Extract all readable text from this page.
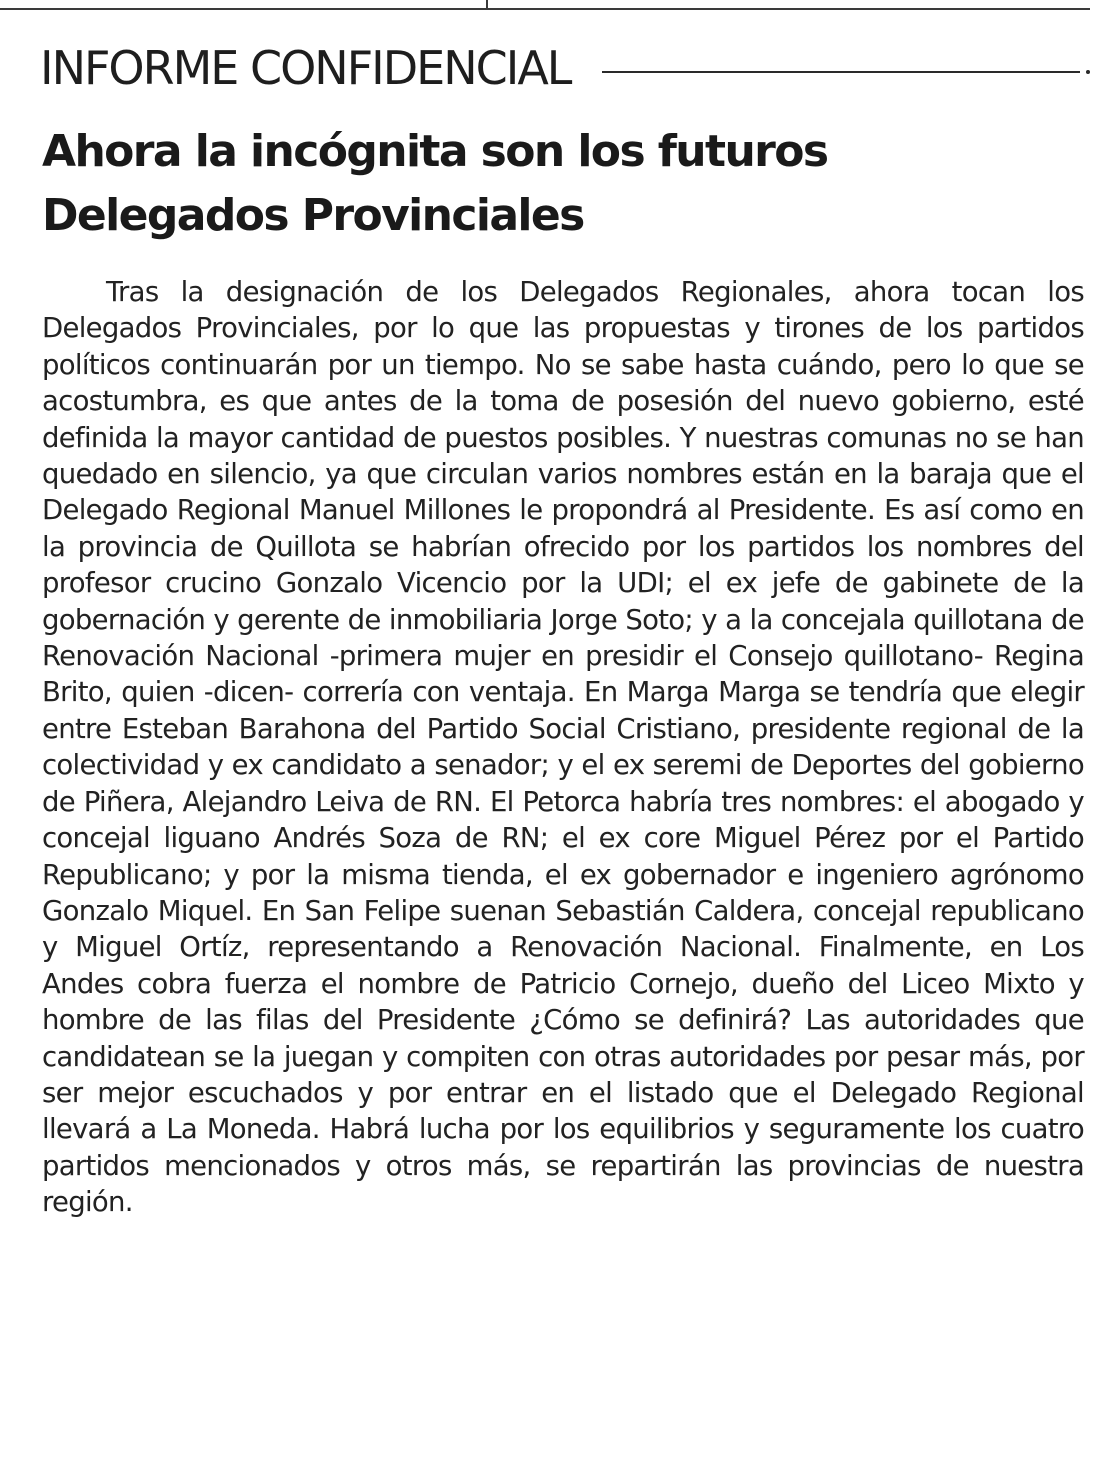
INFORME CONFIDENCIAL
Ahora la incógnita son los futuros Delegados Provinciales

Tras la designación de los Delegados Regionales, ahora tocan los Delegados Provinciales, por lo que las propuestas y tirones de los partidos políticos continuarán por un tiempo. No se sabe hasta cuándo, pero lo que se acostumbra, es que antes de la toma de posesión del nuevo gobierno, esté definida la mayor cantidad de puestos posibles. Y nuestras comunas no se han quedado en silencio, ya que circulan varios nombres están en la baraja que el Delegado Regional Manuel Millones le propondrá al Presidente. Es así como en la provincia de Quillota se habrían ofrecido por los partidos los nombres del profesor crucino Gonzalo Vicencio por la UDI; el ex jefe de gabinete de la gobernación y gerente de inmobiliaria Jorge Soto; y a la concejala quillotana de Renovación Nacional -primera mujer en presidir el Consejo quillotano- Regina Brito, quien -dicen- correría con ventaja. En Marga Marga se tendría que elegir entre Esteban Barahona del Partido Social Cristiano, presidente regional de la colectividad y ex candidato a senador; y el ex seremi de Deportes del gobierno de Piñera, Alejandro Leiva de RN. El Petorca habría tres nombres: el abogado y concejal liguano Andrés Soza de RN; el ex core Miguel Pérez por el Partido Republicano; y por la misma tienda, el ex gobernador e ingeniero agrónomo Gonzalo Miquel. En San Felipe suenan Sebastián Caldera, concejal republicano y Miguel Ortíz, representando a Renovación Nacional. Finalmente, en Los Andes cobra fuerza el nombre de Patricio Cornejo, dueño del Liceo Mixto y hombre de las filas del Presidente ¿Cómo se definirá? Las autoridades que candidatean se la juegan y compiten con otras autoridades por pesar más, por ser mejor escuchados y por entrar en el listado que el Delegado Regional llevará a La Moneda. Habrá lucha por los equilibrios y seguramente los cuatro partidos mencionados y otros más, se repartirán las provincias de nuestra región.
